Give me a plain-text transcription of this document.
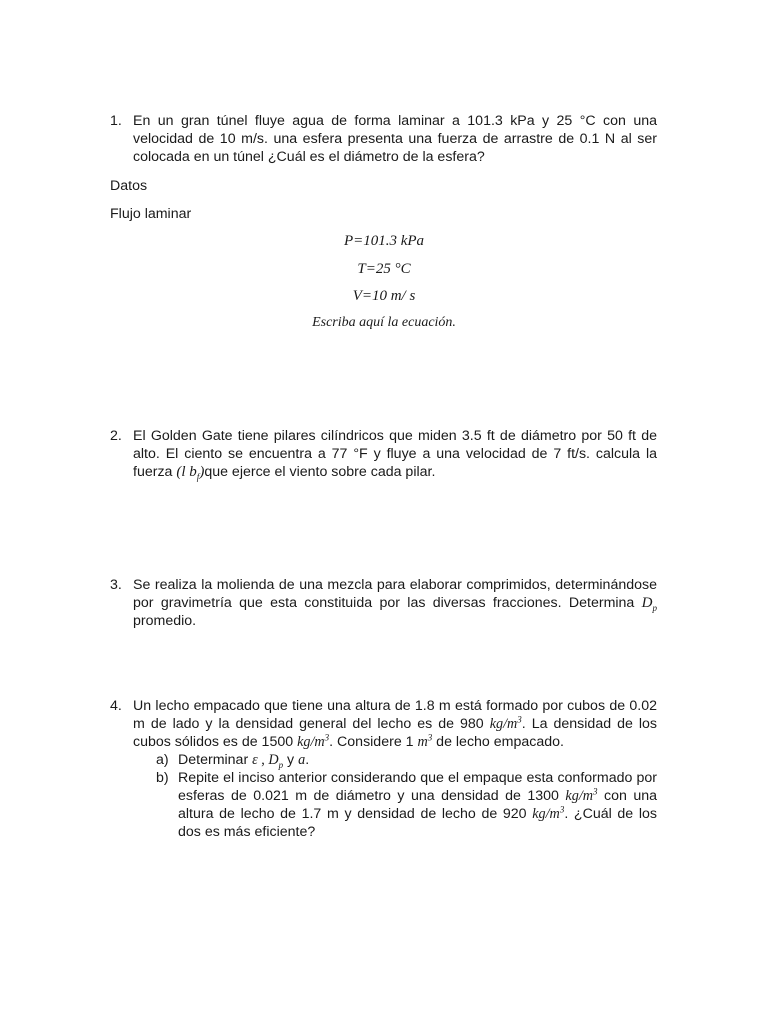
1. En un gran túnel fluye agua de forma laminar a 101.3 kPa y 25 °C con una velocidad de 10 m/s. una esfera presenta una fuerza de arrastre de 0.1 N al ser colocada en un túnel ¿Cuál es el diámetro de la esfera?

Datos
Flujo laminar
P=101.3 kPa
T=25 °C
V=10 m/ s
Escriba aquí la ecuación.
2. El Golden Gate tiene pilares cilíndricos que miden 3.5 ft de diámetro por 50 ft de alto. El ciento se encuentra a 77 °F y fluye a una velocidad de 7 ft/s. calcula la fuerza (l $b_f)que$ ejerce el viento sobre cada pilar.

3. Se realiza la molienda de una mezcla para elaborar comprimidos, determinándose por gravimetría que esta constituida por las diversas fracciones. Determina $D_p$ promedio.

4. Un lecho empacado que tiene una altura de 1.8 m está formado por cubos de 0.02 m de lado y la densidad general del lecho es de 980 $kg/m^3$. La densidad de los cubos sólidos es de 1500 $kg/m^3$. Considere 1 $m^3$ de lecho empacado.

a) Determinar ε , $D_p$ y a.
b) Repite el inciso anterior considerando que el empaque esta conformado por esferas de 0.021 m de diámetro y una densidad de 1300 $kg/m^3$ con una altura de lecho de 1.7 m y densidad de lecho de 920 $kg/m^3$. ¿Cuál de los dos es más eficiente?
